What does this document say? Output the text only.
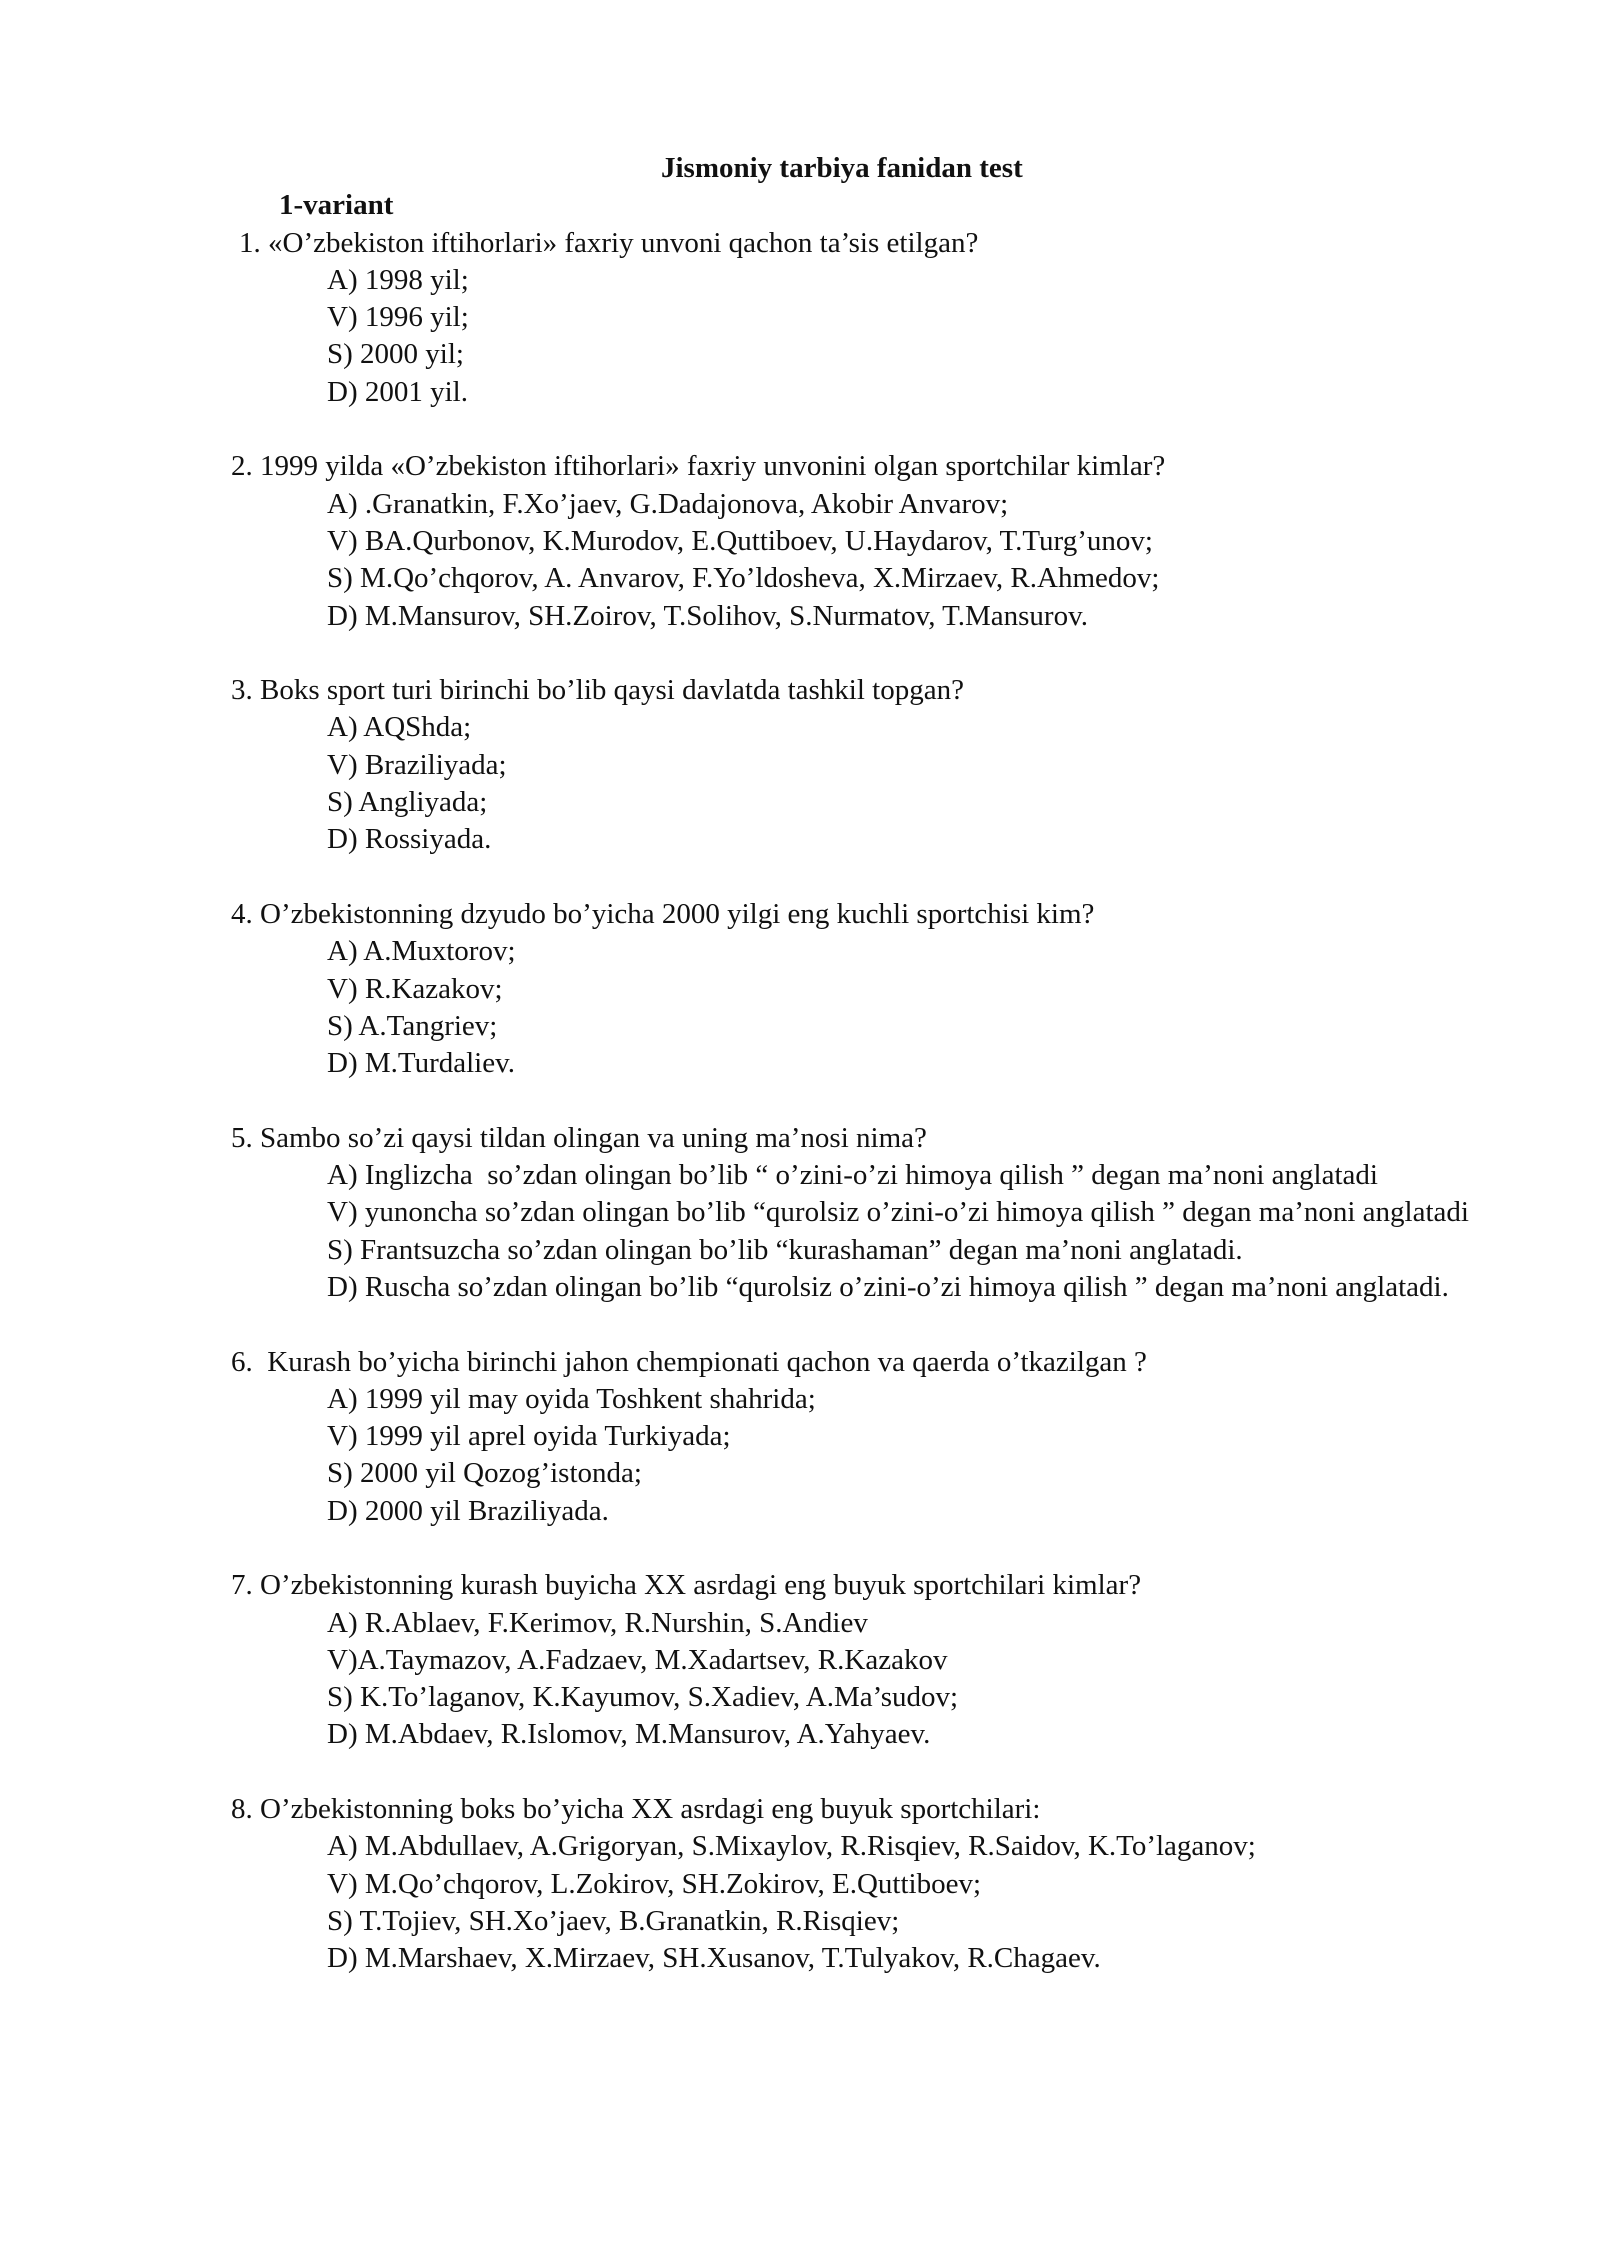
Jismoniy tarbiya fanidan test

1-variant

1. «O’zbekiston iftihorlari» faxriy unvoni qachon ta’sis etilgan?

A) 1998 yil;

V) 1996 yil;

S) 2000 yil;

D) 2001 yil.

2. 1999 yilda «O’zbekiston iftihorlari» faxriy unvonini olgan sportchilar kimlar?

A) .Granatkin, F.Xo’jaev, G.Dadajonova, Akobir Anvarov;

V) BA.Qurbonov, K.Murodov, E.Quttiboev, U.Haydarov, T.Turg’unov;

S) M.Qo’chqorov, A. Anvarov, F.Yo’ldosheva, X.Mirzaev, R.Ahmedov;

D) M.Mansurov, SH.Zoirov, T.Solihov, S.Nurmatov, T.Mansurov.

3. Boks sport turi birinchi bo’lib qaysi davlatda tashkil topgan?

A) AQShda;

V) Braziliyada;

S) Angliyada;

D) Rossiyada.

4. O’zbekistonning dzyudo bo’yicha 2000 yilgi eng kuchli sportchisi kim?

A) A.Muxtorov;

V) R.Kazakov;

S) A.Tangriev;

D) M.Turdaliev.

5. Sambo so’zi qaysi tildan olingan va uning ma’nosi nima?

A) Inglizcha  so’zdan olingan bo’lib “ o’zini-o’zi himoya qilish ” degan ma’noni anglatadi

V) yunoncha so’zdan olingan bo’lib “qurolsiz o’zini-o’zi himoya qilish ” degan ma’noni anglatadi

S) Frantsuzcha so’zdan olingan bo’lib “kurashaman” degan ma’noni anglatadi.

D) Ruscha so’zdan olingan bo’lib “qurolsiz o’zini-o’zi himoya qilish ” degan ma’noni anglatadi.

6.  Kurash bo’yicha birinchi jahon chempionati qachon va qaerda o’tkazilgan ?

A) 1999 yil may oyida Toshkent shahrida;

V) 1999 yil aprel oyida Turkiyada;

S) 2000 yil Qozog’istonda;

D) 2000 yil Braziliyada.

7. O’zbekistonning kurash buyicha XX asrdagi eng buyuk sportchilari kimlar?

A) R.Ablaev, F.Kerimov, R.Nurshin, S.Andiev

V)A.Taymazov, A.Fadzaev, M.Xadartsev, R.Kazakov

S) K.To’laganov, K.Kayumov, S.Xadiev, A.Ma’sudov;

D) M.Abdaev, R.Islomov, M.Mansurov, A.Yahyaev.

8. O’zbekistonning boks bo’yicha XX asrdagi eng buyuk sportchilari:

A) M.Abdullaev, A.Grigoryan, S.Mixaylov, R.Risqiev, R.Saidov, K.To’laganov;

V) M.Qo’chqorov, L.Zokirov, SH.Zokirov, E.Quttiboev;

S) T.Tojiev, SH.Xo’jaev, B.Granatkin, R.Risqiev;

D) M.Marshaev, X.Mirzaev, SH.Xusanov, T.Tulyakov, R.Chagaev.
